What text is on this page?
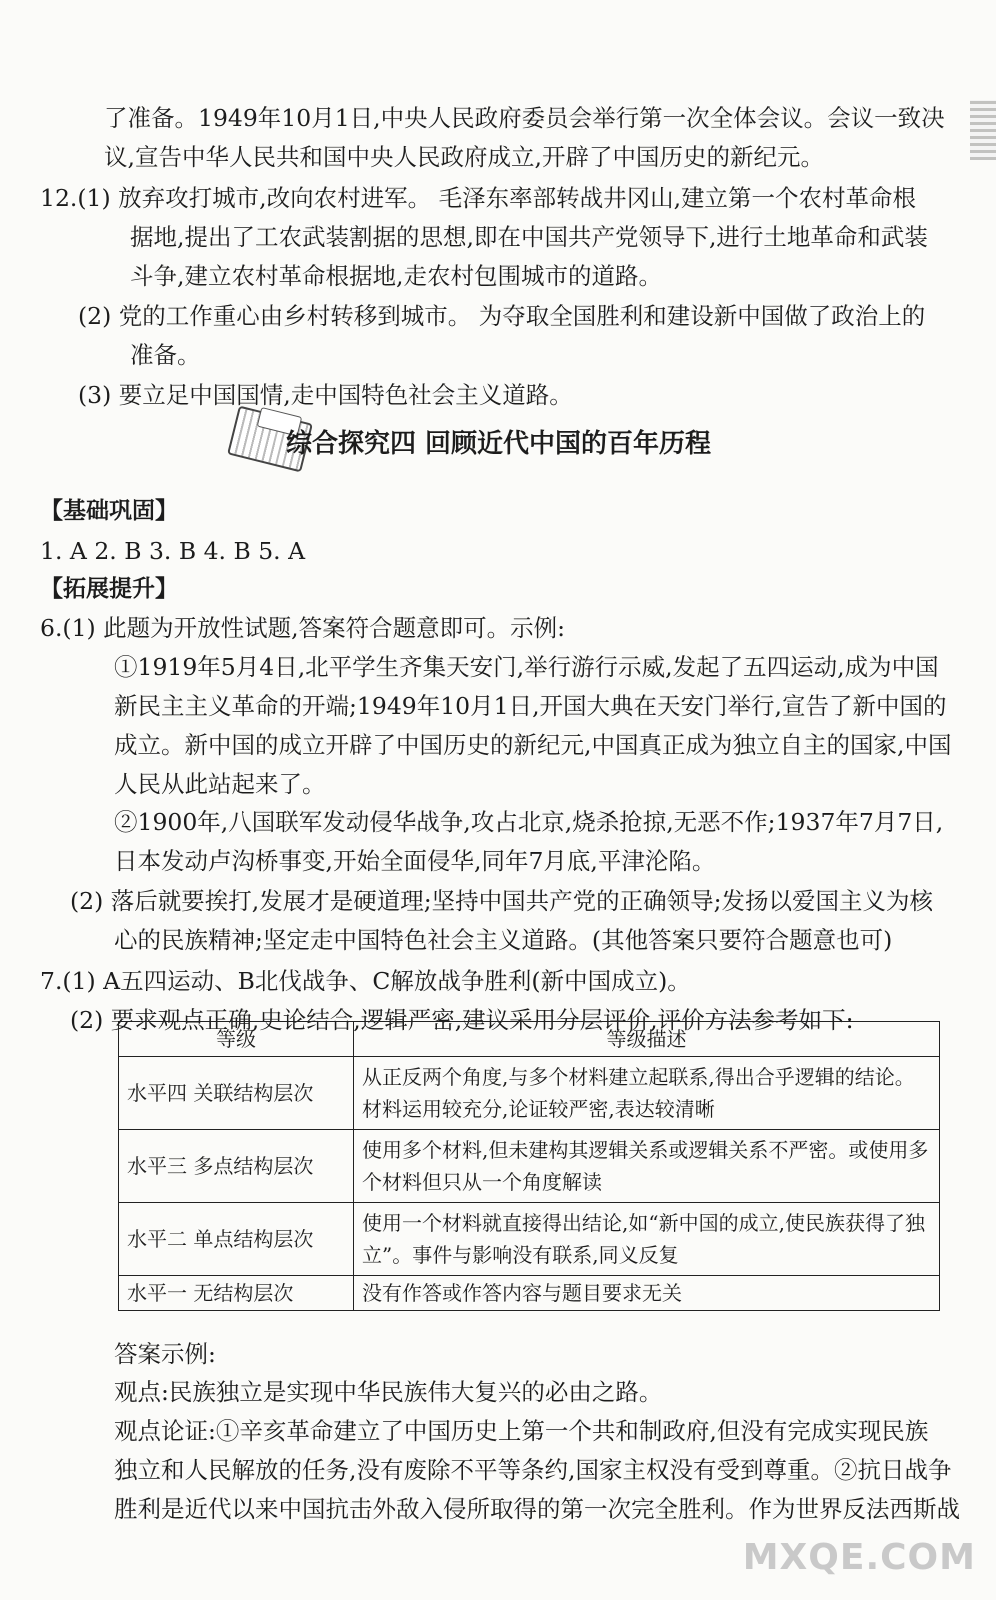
了准备。1949年10月1日,中央人民政府委员会举行第一次全体会议。会议一致决
议,宣告中华人民共和国中央人民政府成立,开辟了中国历史的新纪元。
12.(1) 放弃攻打城市,改向农村进军。 毛泽东率部转战井冈山,建立第一个农村革命根
据地,提出了工农武装割据的思想,即在中国共产党领导下,进行土地革命和武装
斗争,建立农村革命根据地,走农村包围城市的道路。
(2) 党的工作重心由乡村转移到城市。 为夺取全国胜利和建设新中国做了政治上的
准备。
(3) 要立足中国国情,走中国特色社会主义道路。
1. A 2. B 3. B 4. B 5. A
6.(1) 此题为开放性试题,答案符合题意即可。示例:
①1919年5月4日,北平学生齐集天安门,举行游行示威,发起了五四运动,成为中国
新民主主义革命的开端;1949年10月1日,开国大典在天安门举行,宣告了新中国的
成立。新中国的成立开辟了中国历史的新纪元,中国真正成为独立自主的国家,中国
人民从此站起来了。
②1900年,八国联军发动侵华战争,攻占北京,烧杀抢掠,无恶不作;1937年7月7日,
日本发动卢沟桥事变,开始全面侵华,同年7月底,平津沦陷。
(2) 落后就要挨打,发展才是硬道理;坚持中国共产党的正确领导;发扬以爱国主义为核
心的民族精神;坚定走中国特色社会主义道路。(其他答案只要符合题意也可)
7.(1) A五四运动、B北伐战争、C解放战争胜利(新中国成立)。
(2) 要求观点正确,史论结合,逻辑严密,建议采用分层评价,评价方法参考如下:
答案示例:
观点:民族独立是实现中华民族伟大复兴的必由之路。
观点论证:①辛亥革命建立了中国历史上第一个共和制政府,但没有完成实现民族
独立和人民解放的任务,没有废除不平等条约,国家主权没有受到尊重。②抗日战争
胜利是近代以来中国抗击外敌入侵所取得的第一次完全胜利。作为世界反法西斯战
综合探究四 回顾近代中国的百年历程
【基础巩固】
【拓展提升】
等级	等级描述
水平四 关联结构层次	从正反两个角度,与多个材料建立起联系,得出合乎逻辑的结论。材料运用较充分,论证较严密,表达较清晰
水平三 多点结构层次	使用多个材料,但未建构其逻辑关系或逻辑关系不严密。或使用多个材料但只从一个角度解读
水平二 单点结构层次	使用一个材料就直接得出结论,如“新中国的成立,使民族获得了独立”。事件与影响没有联系,同义反复
水平一 无结构层次	没有作答或作答内容与题目要求无关
MXQE.COM
